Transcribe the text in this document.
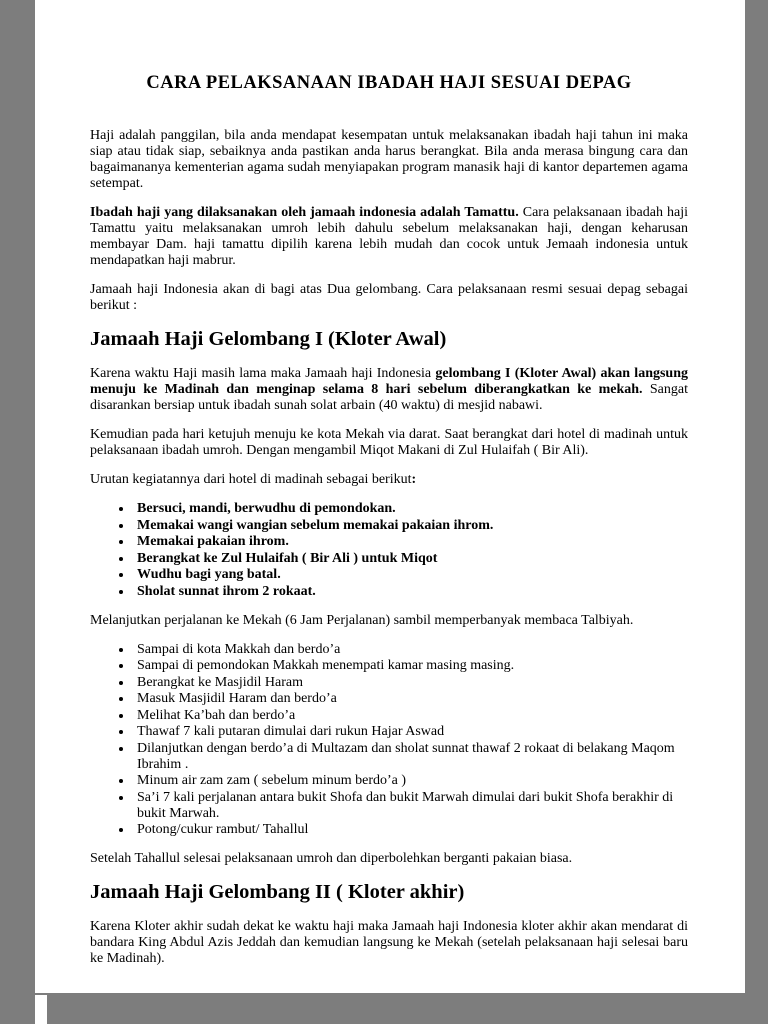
CARA PELAKSANAAN IBADAH HAJI SESUAI DEPAG

Haji adalah panggilan, bila anda mendapat kesempatan untuk melaksanakan ibadah haji tahun ini maka siap atau tidak siap, sebaiknya anda pastikan anda harus berangkat. Bila anda merasa bingung cara dan bagaimananya kementerian agama sudah menyiapakan program manasik haji di kantor departemen agama setempat.

Ibadah haji yang dilaksanakan oleh jamaah indonesia adalah Tamattu. Cara pelaksanaan ibadah haji Tamattu yaitu melaksanakan umroh lebih dahulu sebelum melaksanakan haji, dengan keharusan membayar Dam. haji tamattu dipilih karena lebih mudah dan cocok untuk Jemaah indonesia untuk mendapatkan haji mabrur.

Jamaah haji Indonesia akan di bagi atas Dua gelombang. Cara pelaksanaan resmi sesuai depag sebagai berikut :

Jamaah Haji Gelombang I (Kloter Awal)

Karena waktu Haji masih lama maka Jamaah haji Indonesia gelombang I (Kloter Awal) akan langsung menuju ke Madinah dan menginap selama 8 hari sebelum diberangkatkan ke mekah. Sangat disarankan bersiap untuk ibadah sunah solat arbain (40 waktu) di mesjid nabawi.

Kemudian pada hari ketujuh menuju ke kota Mekah via darat. Saat berangkat dari hotel di madinah untuk pelaksanaan ibadah umroh. Dengan mengambil Miqot Makani di Zul Hulaifah ( Bir Ali).

Urutan kegiatannya dari hotel di madinah sebagai berikut:

• Bersuci, mandi, berwudhu di pemondokan.
• Memakai wangi wangian sebelum memakai pakaian ihrom.
• Memakai pakaian ihrom.
• Berangkat ke Zul Hulaifah ( Bir Ali ) untuk Miqot
• Wudhu bagi yang batal.
• Sholat sunnat ihrom 2 rokaat.

Melanjutkan perjalanan ke Mekah (6 Jam Perjalanan) sambil memperbanyak membaca Talbiyah.

• Sampai di kota Makkah dan berdo’a
• Sampai di pemondokan Makkah menempati kamar masing masing.
• Berangkat ke Masjidil Haram
• Masuk Masjidil Haram dan berdo’a
• Melihat Ka’bah dan berdo’a
• Thawaf 7 kali putaran dimulai dari rukun Hajar Aswad
• Dilanjutkan dengan berdo’a di Multazam dan sholat sunnat thawaf 2 rokaat di belakang Maqom Ibrahim .
• Minum air zam zam ( sebelum minum berdo’a )
• Sa’i 7 kali perjalanan antara bukit Shofa dan bukit Marwah dimulai dari bukit Shofa berakhir di bukit Marwah.
• Potong/cukur rambut/ Tahallul

Setelah Tahallul selesai pelaksanaan umroh dan diperbolehkan berganti pakaian biasa.

Jamaah Haji Gelombang II ( Kloter akhir)

Karena Kloter akhir sudah dekat ke waktu haji maka Jamaah haji Indonesia kloter akhir akan mendarat di bandara King Abdul Azis Jeddah dan kemudian langsung ke Mekah (setelah pelaksanaan haji selesai baru ke Madinah).
